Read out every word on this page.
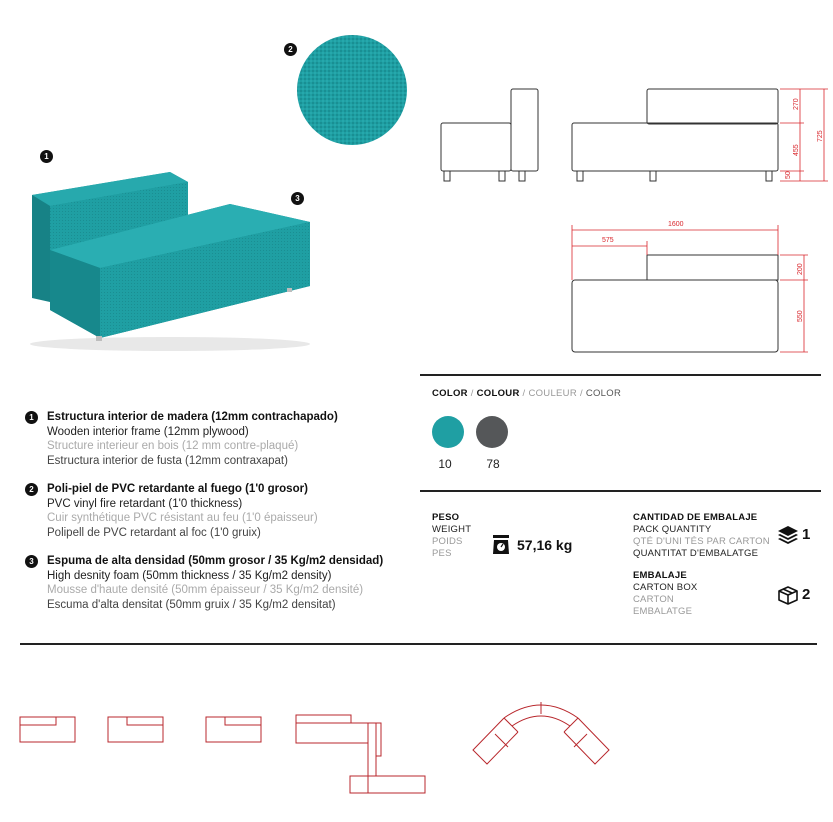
1
2
3
270
455
50
725
1600
575
200
550
1	Estructura interior de madera (12mm contrachapado)
Wooden interior frame (12mm plywood)
Structure interieur en bois (12 mm contre-plaqué)
Estructura interior de fusta (12mm contraxapat)
2	Poli-piel de PVC retardante al fuego (1'0 grosor)
PVC vinyl fire retardant (1'0 thickness)
Cuir synthétique PVC résistant au feu (1'0 épaisseur)
Polipell de PVC retardant al foc (1'0 gruix)
3	Espuma de alta densidad (50mm grosor / 35 Kg/m2 densidad)
High desnity foam (50mm thickness / 35 Kg/m2 density)
Mousse d'haute densité (50mm épaisseur / 35 Kg/m2 densité)
Escuma d'alta densitat (50mm gruix / 35 Kg/m2 densitat)
COLOR / COLOUR / COULEUR / COLOR
10	78
PESO
WEIGHT
POIDS
PES
57,16 kg
CANTIDAD DE EMBALAJE
PACK QUANTITY
QTÉ D'UNI TÉS PAR CARTON
QUANTITAT D'EMBALATGE
1
EMBALAJE
CARTON BOX
CARTON
EMBALATGE
2
